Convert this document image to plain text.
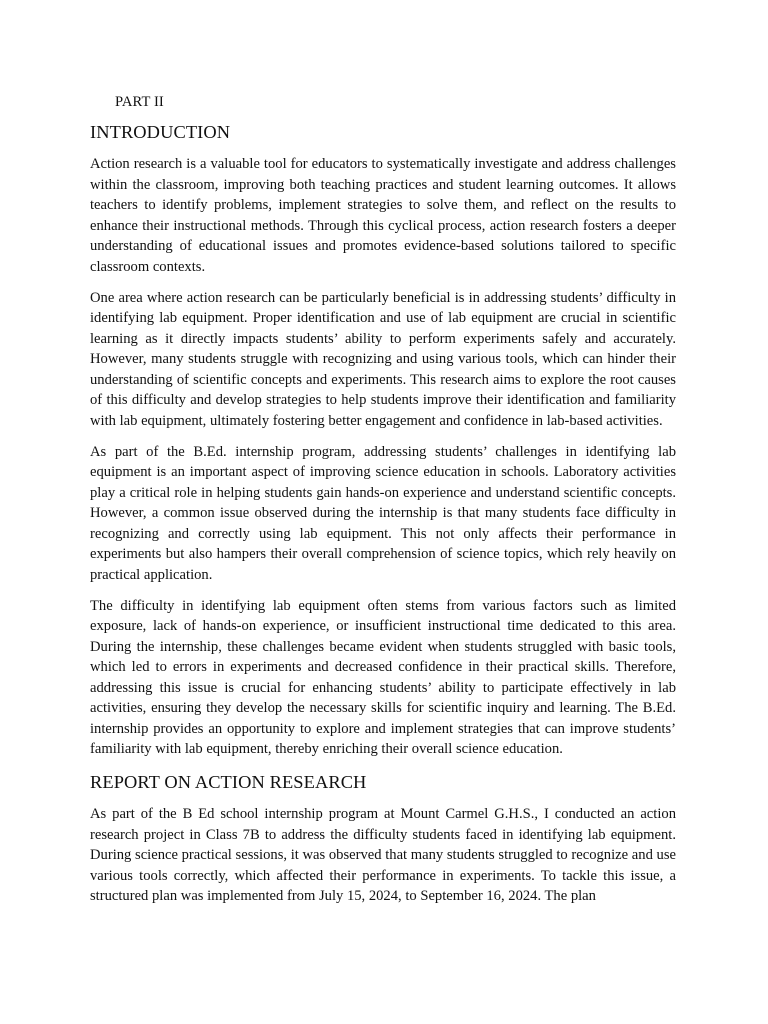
PART II

INTRODUCTION

Action research is a valuable tool for educators to systematically investigate and address challenges within the classroom, improving both teaching practices and student learning outcomes. It allows teachers to identify problems, implement strategies to solve them, and reflect on the results to enhance their instructional methods. Through this cyclical process, action research fosters a deeper understanding of educational issues and promotes evidence-based solutions tailored to specific classroom contexts.

One area where action research can be particularly beneficial is in addressing students’ difficulty in identifying lab equipment. Proper identification and use of lab equipment are crucial in scientific learning as it directly impacts students’ ability to perform experiments safely and accurately. However, many students struggle with recognizing and using various tools, which can hinder their understanding of scientific concepts and experiments. This research aims to explore the root causes of this difficulty and develop strategies to help students improve their identification and familiarity with lab equipment, ultimately fostering better engagement and confidence in lab-based activities.

As part of the B.Ed. internship program, addressing students’ challenges in identifying lab equipment is an important aspect of improving science education in schools. Laboratory activities play a critical role in helping students gain hands-on experience and understand scientific concepts. However, a common issue observed during the internship is that many students face difficulty in recognizing and correctly using lab equipment. This not only affects their performance in experiments but also hampers their overall comprehension of science topics, which rely heavily on practical application.

The difficulty in identifying lab equipment often stems from various factors such as limited exposure, lack of hands-on experience, or insufficient instructional time dedicated to this area. During the internship, these challenges became evident when students struggled with basic tools, which led to errors in experiments and decreased confidence in their practical skills. Therefore, addressing this issue is crucial for enhancing students’ ability to participate effectively in lab activities, ensuring they develop the necessary skills for scientific inquiry and learning. The B.Ed. internship provides an opportunity to explore and implement strategies that can improve students’ familiarity with lab equipment, thereby enriching their overall science education.

REPORT ON ACTION RESEARCH

As part of the B Ed school internship program at Mount Carmel G.H.S., I conducted an action research project in Class 7B to address the difficulty students faced in identifying lab equipment. During science practical sessions, it was observed that many students struggled to recognize and use various tools correctly, which affected their performance in experiments. To tackle this issue, a structured plan was implemented from July 15, 2024, to September 16, 2024. The plan
